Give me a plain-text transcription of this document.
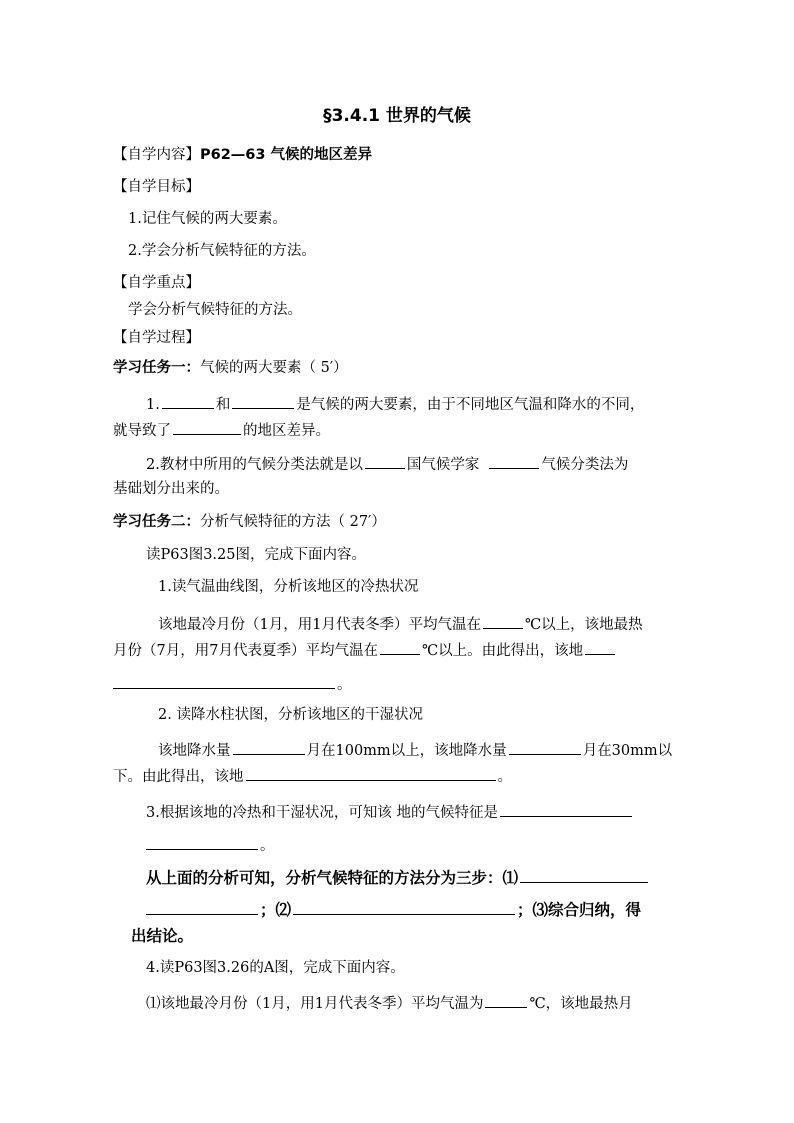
§3.4.1 世界的气候
【自学内容】P62—63 气候的地区差异
【自学目标】
1.记住气候的两大要素。
2.学会分析气候特征的方法。
【自学重点】
学会分析气候特征的方法。
【自学过程】
学习任务一：气候的两大要素（ 5′）
1.	和	是气候的两大要素，由于不同地区气温和降水的不同，
就导致了	的地区差异。
2.教材中所用的气候分类法就是以	国气候学家	气候分类法为
基础划分出来的。
学习任务二：分析气候特征的方法（ 27′）
读P63图3.25图，完成下面内容。
1.读气温曲线图，分析该地区的冷热状况
该地最冷月份（1月，用1月代表冬季）平均气温在	℃以上，该地最热
月份（7月，用7月代表夏季）平均气温在	℃以上。由此得出，该地
。
2. 读降水柱状图，分析该地区的干湿状况
该地降水量	月在100mm以上，该地降水量	月在30mm以
下。由此得出，该地	。
3.根据该地的冷热和干湿状况，可知该 地的气候特征是
。
从上面的分析可知，分析气候特征的方法分为三步：⑴
；⑵	；⑶综合归纳，得
出结论。
4.读P63图3.26的A图，完成下面内容。
⑴该地最冷月份（1月，用1月代表冬季）平均气温为	℃，该地最热月
